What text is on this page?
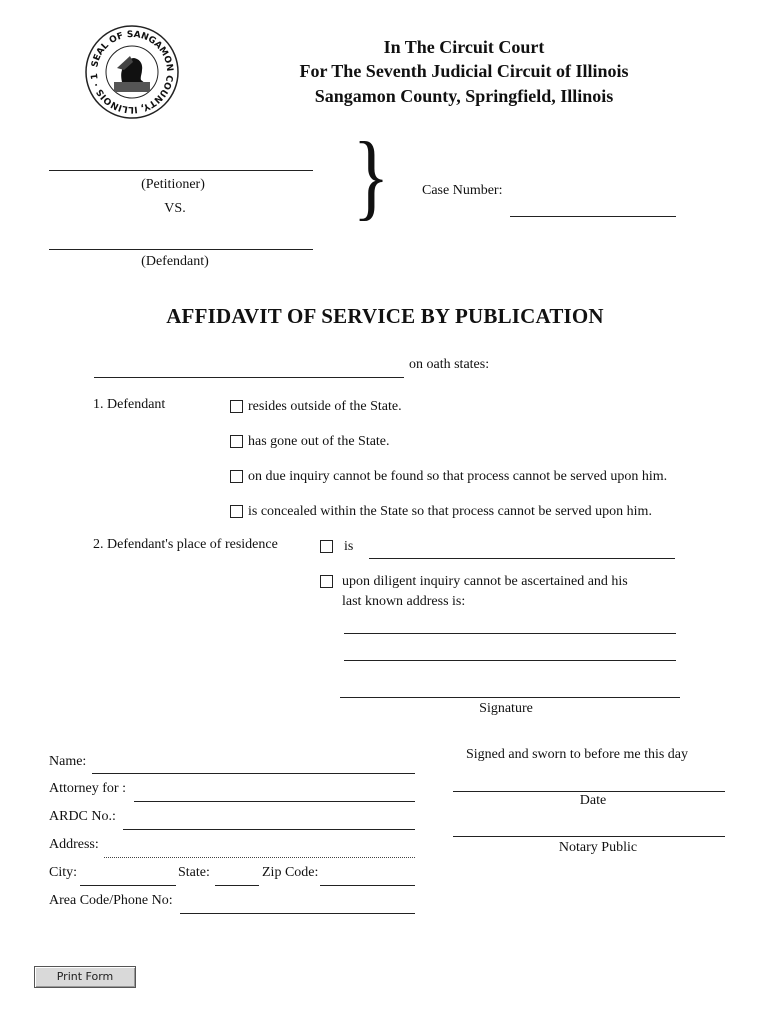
SEAL OF SANGAMON COUNTY, ILLINOIS · 1
In The Circuit Court
For The Seventh Judicial Circuit of Illinois
Sangamon County, Springfield, Illinois
(Petitioner)
VS.
(Defendant)
} Case Number:
AFFIDAVIT OF SERVICE BY PUBLICATION
on oath states:
1. Defendant	resides outside of the State.
has gone out of the State.
on due inquiry cannot be found so that process cannot be served upon him.
is concealed within the State so that process cannot be served upon him.
2. Defendant's place of residence	is
upon diligent inquiry cannot be ascertained and his
last known address is:
Signature
Name:
Attorney for :
ARDC No.:
Address:
City:	State:	Zip Code:
Area Code/Phone No:
Signed and sworn to before me this day
Date
Notary Public
Print Form
